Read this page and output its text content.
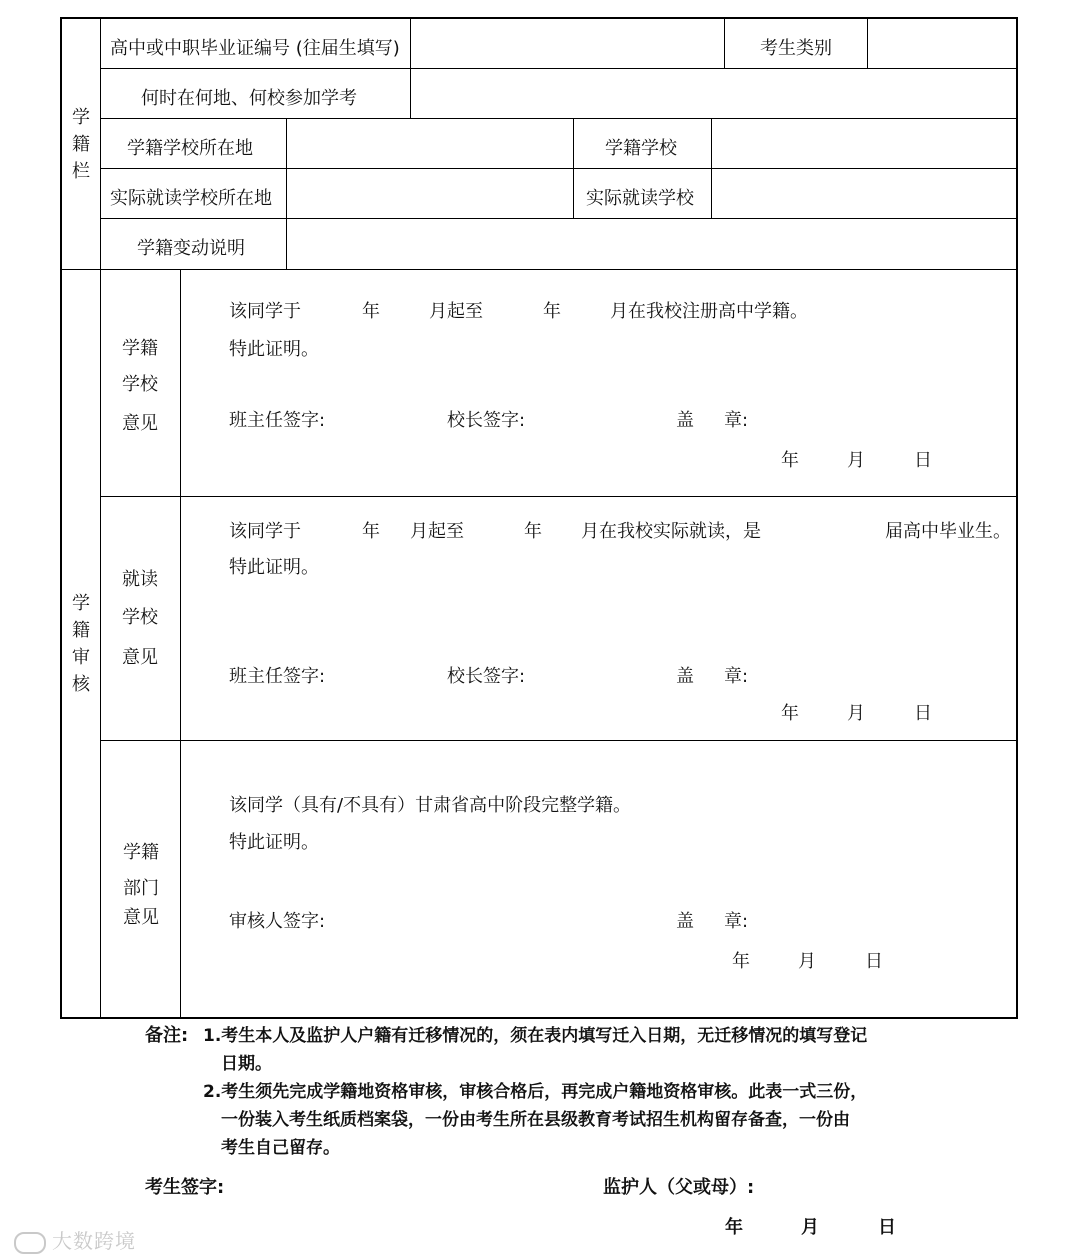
学籍栏
高中或中职毕业证编号 (往届生填写)	考生类别
何时在何地、何校参加学考
学籍学校所在地	学籍学校
实际就读学校所在地	实际就读学校
学籍变动说明
学籍审核
学籍
学校
意见
该同学于	年	月起至	年	月在我校注册高中学籍。
特此证明。
班主任签字:	校长签字:	盖 章:
年	月	日
就读
学校
意见
该同学于	年 月起至	年 月在我校实际就读，是	届高中毕业生。
特此证明。
班主任签字:	校长签字:	盖 章:
年	月	日
学籍
部门
意见
该同学（具有/不具有）甘肃省高中阶段完整学籍。
特此证明。
审核人签字:	盖 章:
年	月	日
备注: 1.考生本人及监护人户籍有迁移情况的，须在表内填写迁入日期，无迁移情况的填写登记
日期。
2.考生须先完成学籍地资格审核，审核合格后，再完成户籍地资格审核。此表一式三份，
一份装入考生纸质档案袋，一份由考生所在县级教育考试招生机构留存备查，一份由
考生自己留存。
考生签字:	监护人（父或母）:
年	月	日
大数跨境
